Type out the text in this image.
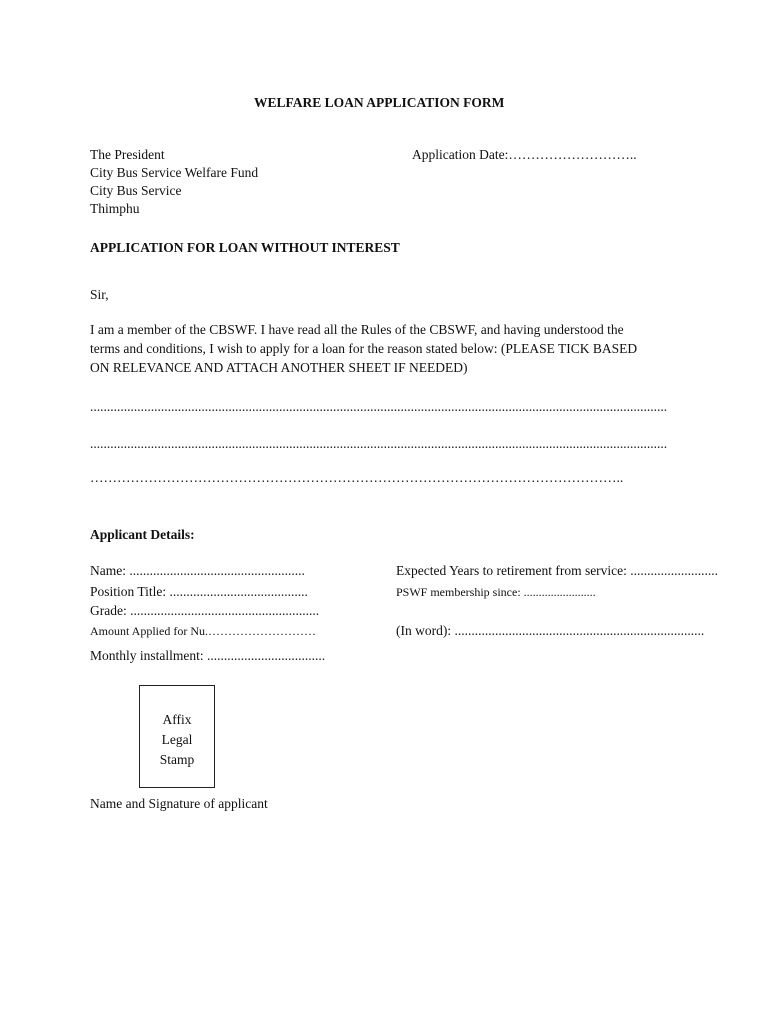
WELFARE LOAN APPLICATION FORM
The President
City Bus Service Welfare Fund
City Bus Service
Thimphu
Application Date:………………………..
APPLICATION FOR LOAN WITHOUT INTEREST
Sir,
I am a member of the CBSWF. I have read all the Rules of the CBSWF, and having understood the
terms and conditions, I wish to apply for a loan for the reason stated below: (PLEASE TICK BASED
ON RELEVANCE AND ATTACH ANOTHER SHEET IF NEEDED)
...........................................................................................................................................................................
...........................................................................................................................................................................
………………………………………………………………………………………………………..
Applicant Details:
Name: ....................................................	Expected Years to retirement from service: ..........................
Position Title: .........................................	PSWF membership since: ........................
Grade: ........................................................
Amount Applied for Nu.………………………	(In word): ..........................................................................
Monthly installment: ...................................
Affix
Legal
Stamp
Name and Signature of applicant
